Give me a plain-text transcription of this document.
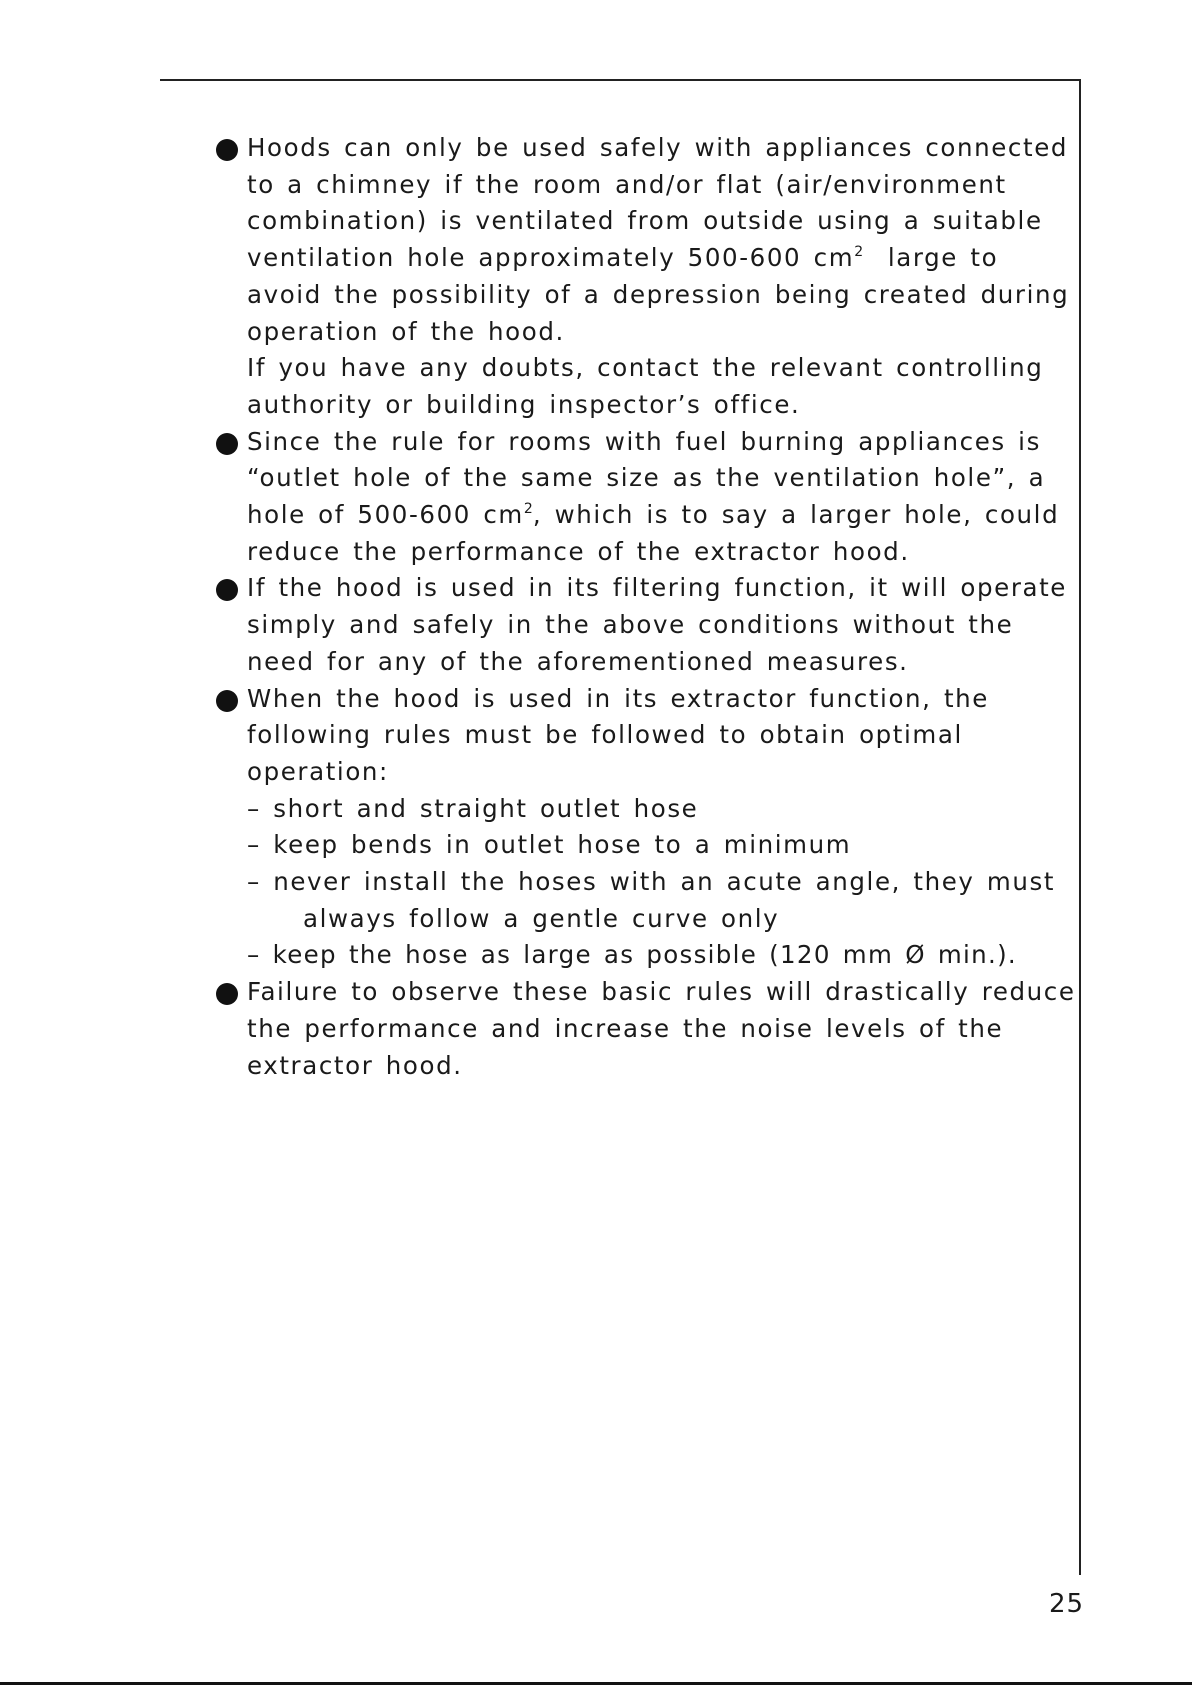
Hoods can only be used safely with appliances connected
to a chimney if the room and/or flat (air/environment
combination) is ventilated from outside using a suitable
ventilation hole approximately 500-600 $cm^2$  large to
avoid the possibility of a depression being created during
operation of the hood.
If you have any doubts, contact the relevant controlling
authority or building inspector’s office.
Since the rule for rooms with fuel burning appliances is
“outlet hole of the same size as the ventilation hole”, a
hole of 500-600 $cm^2$, which is to say a larger hole, could
reduce the performance of the extractor hood.
If the hood is used in its filtering function, it will operate
simply and safely in the above conditions without the
need for any of the aforementioned measures.
When the hood is used in its extractor function, the
following rules must be followed to obtain optimal
operation:
– short and straight outlet hose
– keep bends in outlet hose to a minimum
– never install the hoses with an acute angle, they must
always follow a gentle curve only
– keep the hose as large as possible (120 mm Ø min.).
Failure to observe these basic rules will drastically reduce
the performance and increase the noise levels of the
extractor hood.
25
